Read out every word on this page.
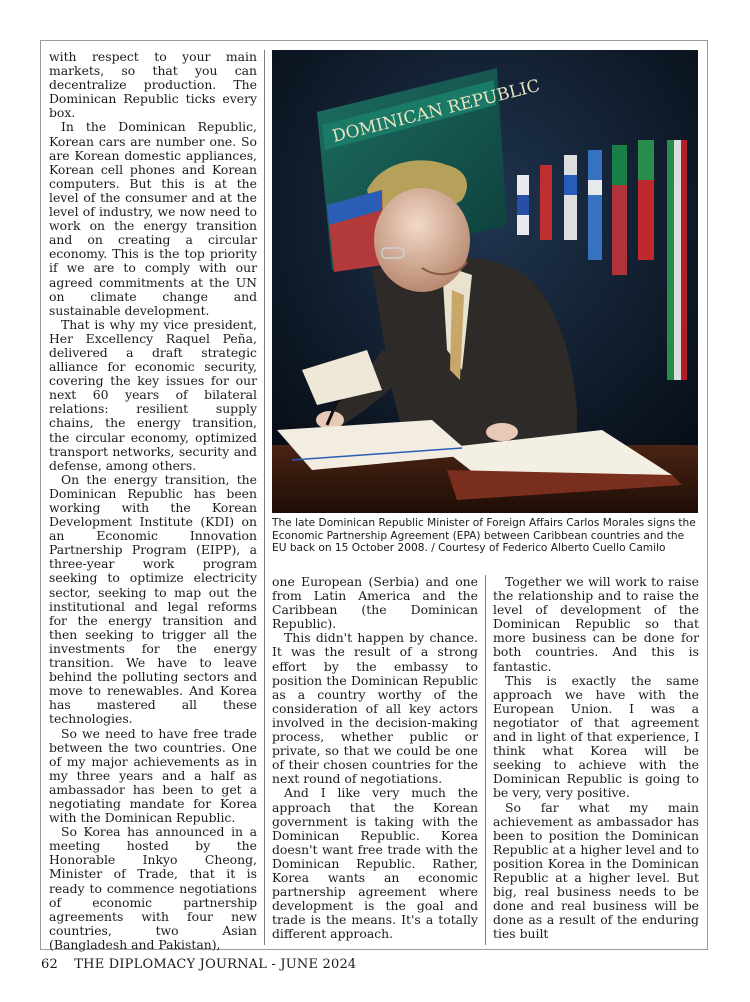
with respect to your main markets, so that you can decentralize production. The Dominican Republic ticks every box.

In the Dominican Republic, Korean cars are number one. So are Korean domestic appliances, Korean cell phones and Korean computers. But this is at the level of the consumer and at the level of industry, we now need to work on the energy transition and on creating a circular economy. This is the top priority if we are to comply with our agreed commitments at the UN on climate change and sustainable development.

That is why my vice president, Her Excellency Raquel Peña, delivered a draft strategic alliance for economic security, covering the key issues for our next 60 years of bilateral relations: resilient supply chains, the energy transition, the circular economy, optimized transport networks, security and defense, among others.

On the energy transition, the Dominican Republic has been working with the Korean Development Institute (KDI) on an Economic Innovation Partnership Program (EIPP), a three-year work program seeking to optimize electricity sector, seeking to map out the institutional and legal reforms for the energy transition and then seeking to trigger all the investments for the energy transition. We have to leave behind the polluting sectors and move to renewables. And Korea has mastered all these technologies.

So we need to have free trade between the two countries. One of my major achievements as in my three years and a half as ambassador has been to get a negotiating mandate for Korea with the Dominican Republic.

So Korea has announced in a meeting hosted by the Honorable Inkyo Cheong, Minister of Trade, that it is ready to commence negotiations of economic partnership agreements with four new countries, two Asian (Bangladesh and Pakistan),

DOMINICAN REPUBLIC
The late Dominican Republic Minister of Foreign Affairs Carlos Morales signs the Economic Partnership Agreement (EPA) between Caribbean countries and the EU back on 15 October 2008. / Courtesy of Federico Alberto Cuello Camilo

one European (Serbia) and one from Latin America and the Caribbean (the Dominican Republic).

This didn't happen by chance. It was the result of a strong effort by the embassy to position the Dominican Republic as a country worthy of the consideration of all key actors involved in the decision-making process, whether public or private, so that we could be one of their chosen countries for the next round of negotiations.

And I like very much the approach that the Korean government is taking with the Dominican Republic. Korea doesn't want free trade with the Dominican Republic. Rather, Korea wants an economic partnership agreement where development is the goal and trade is the means. It's a totally different approach.

Together we will work to raise the relationship and to raise the level of development of the Dominican Republic so that more business can be done for both countries. And this is fantastic.

This is exactly the same approach we have with the European Union. I was a negotiator of that agreement and in light of that experience, I think what Korea will be seeking to achieve with the Dominican Republic is going to be very, very positive.

So far what my main achievement as ambassador has been to position the Dominican Republic at a higher level and to position Korea in the Dominican Republic at a higher level. But big, real business needs to be done and real business will be done as a result of the enduring ties built

62 THE DIPLOMACY JOURNAL - JUNE 2024
